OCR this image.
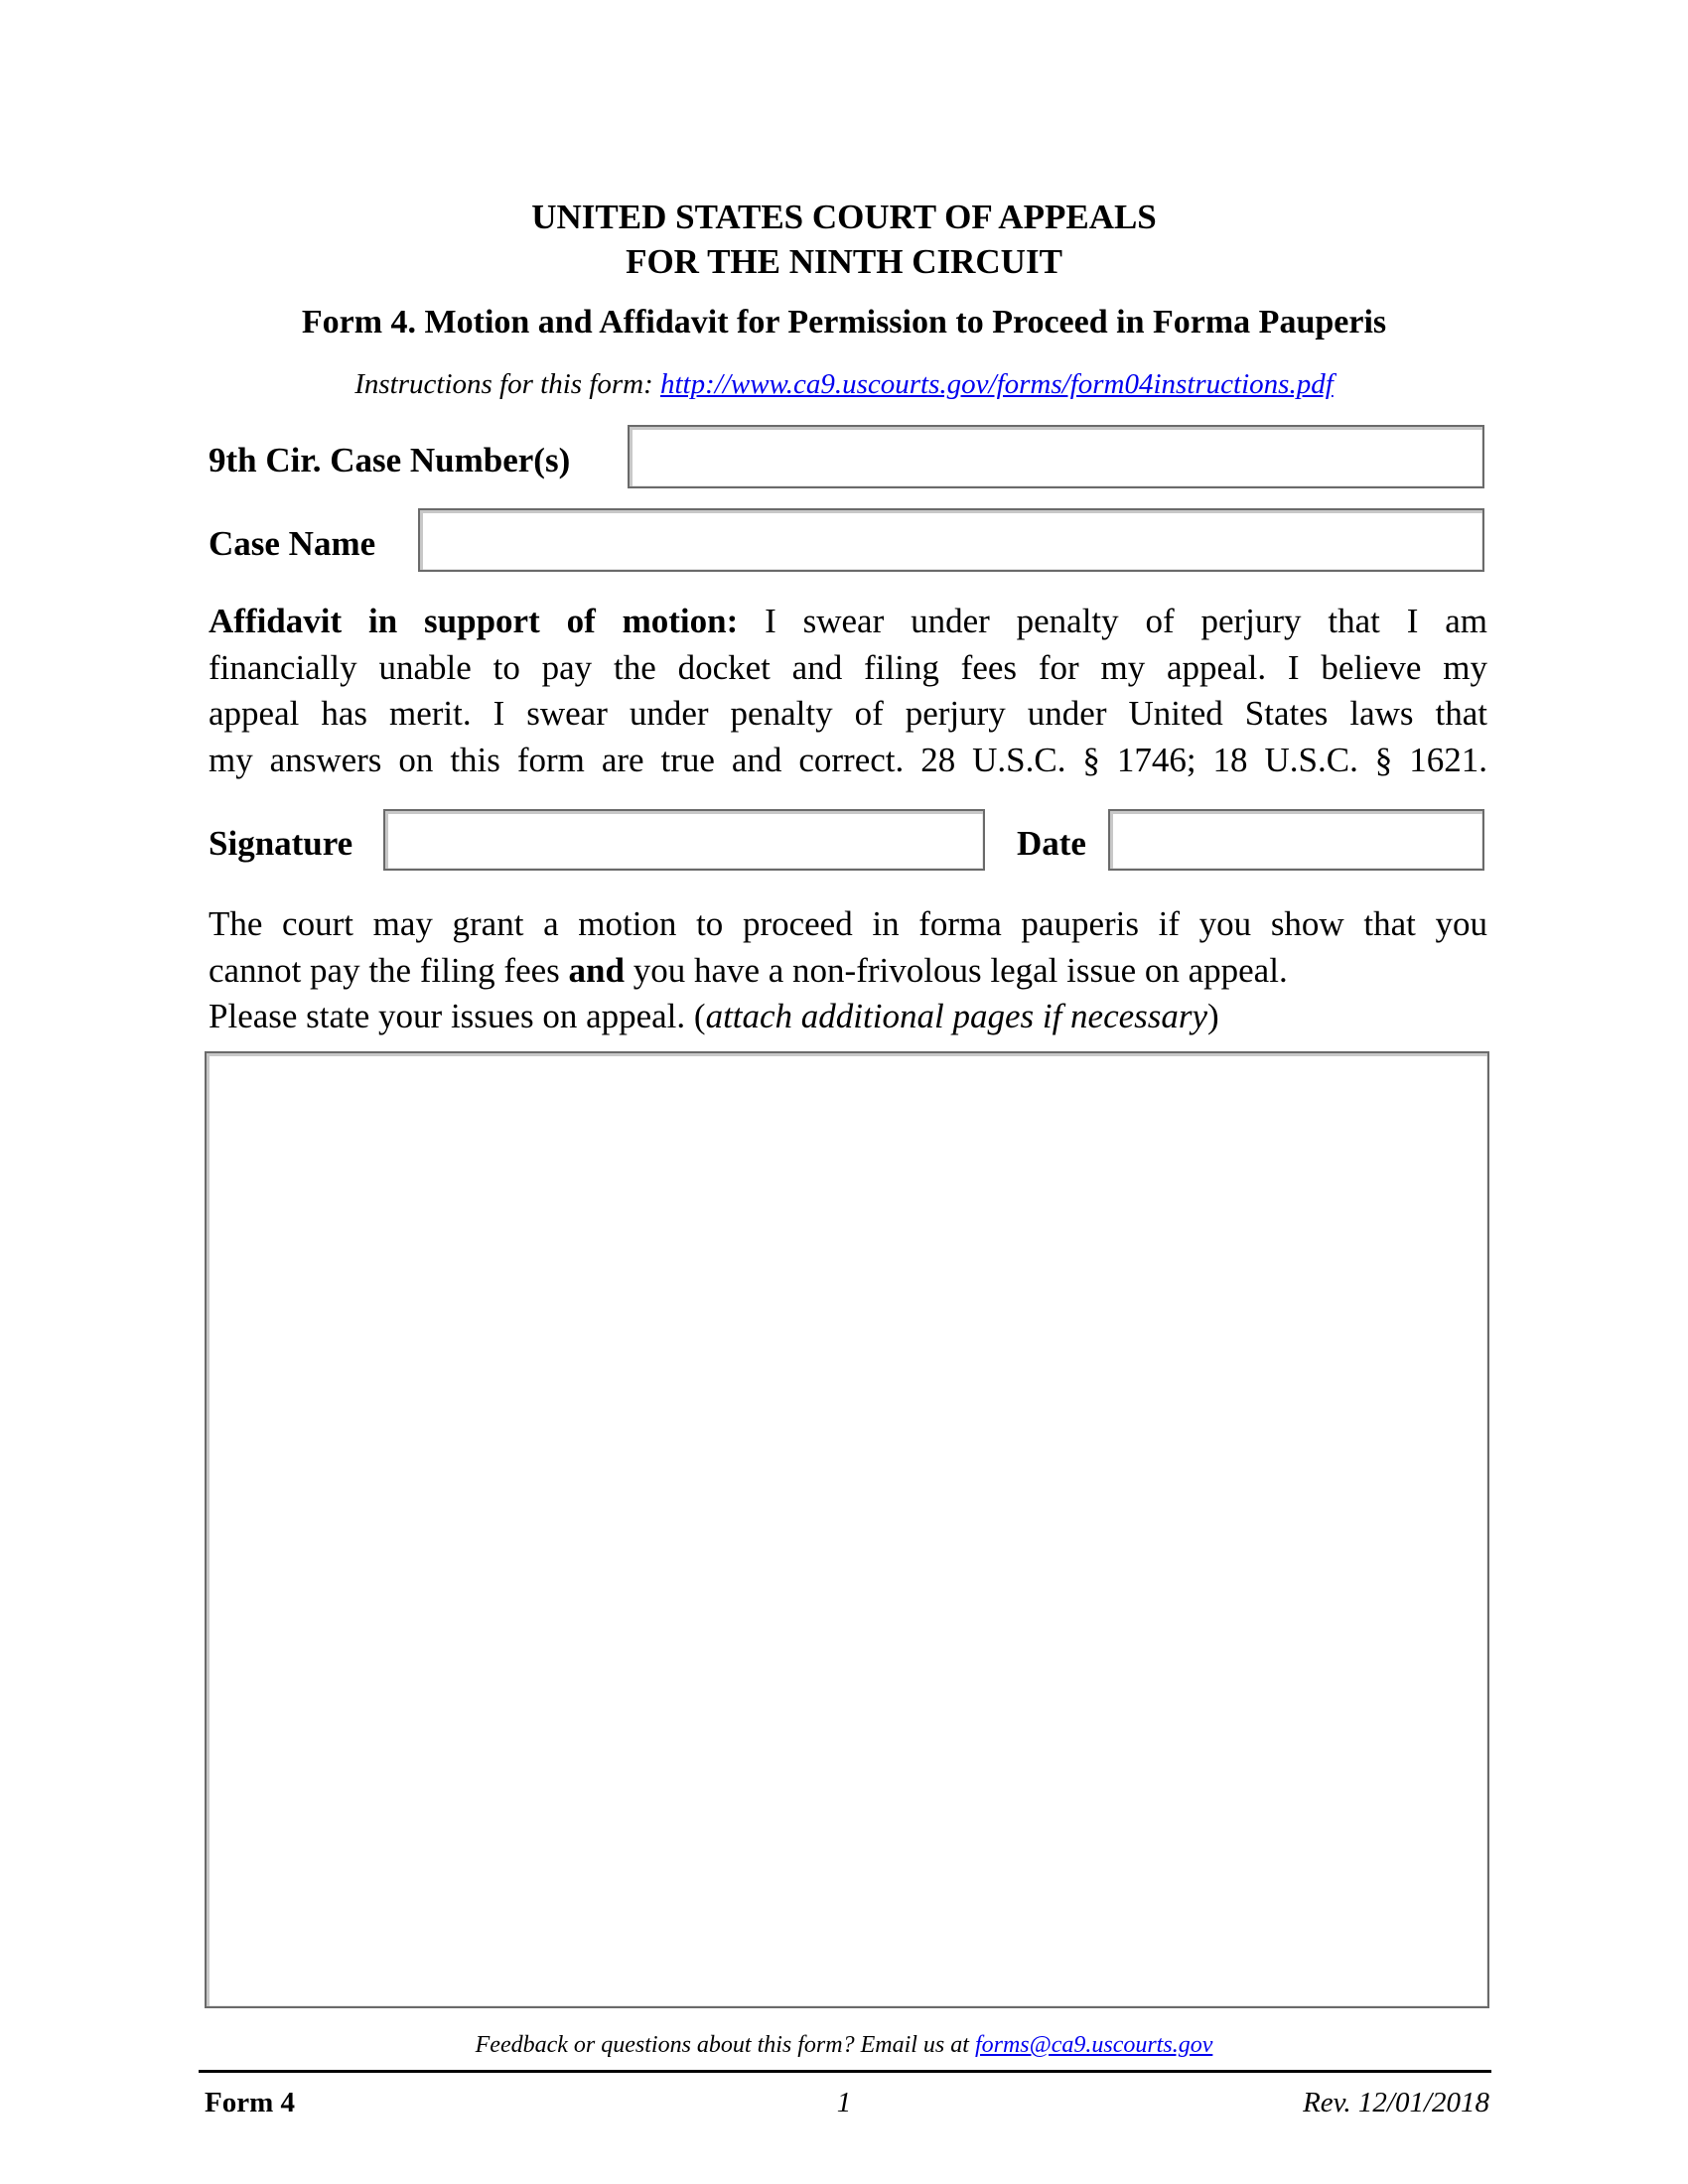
UNITED STATES COURT OF APPEALS
FOR THE NINTH CIRCUIT
Form 4. Motion and Affidavit for Permission to Proceed in Forma Pauperis
Instructions for this form: http://www.ca9.uscourts.gov/forms/form04instructions.pdf
9th Cir. Case Number(s)
Case Name
Affidavit in support of motion: I swear under penalty of perjury that I am
financially unable to pay the docket and filing fees for my appeal. I believe my
appeal has merit. I swear under penalty of perjury under United States laws that
my answers on this form are true and correct. 28 U.S.C. § 1746; 18 U.S.C. § 1621.
Signature	Date
The court may grant a motion to proceed in forma pauperis if you show that you
cannot pay the filing fees and you have a non-frivolous legal issue on appeal.
Please state your issues on appeal. (attach additional pages if necessary)
Feedback or questions about this form? Email us at forms@ca9.uscourts.gov
Form 4	1	Rev. 12/01/2018
